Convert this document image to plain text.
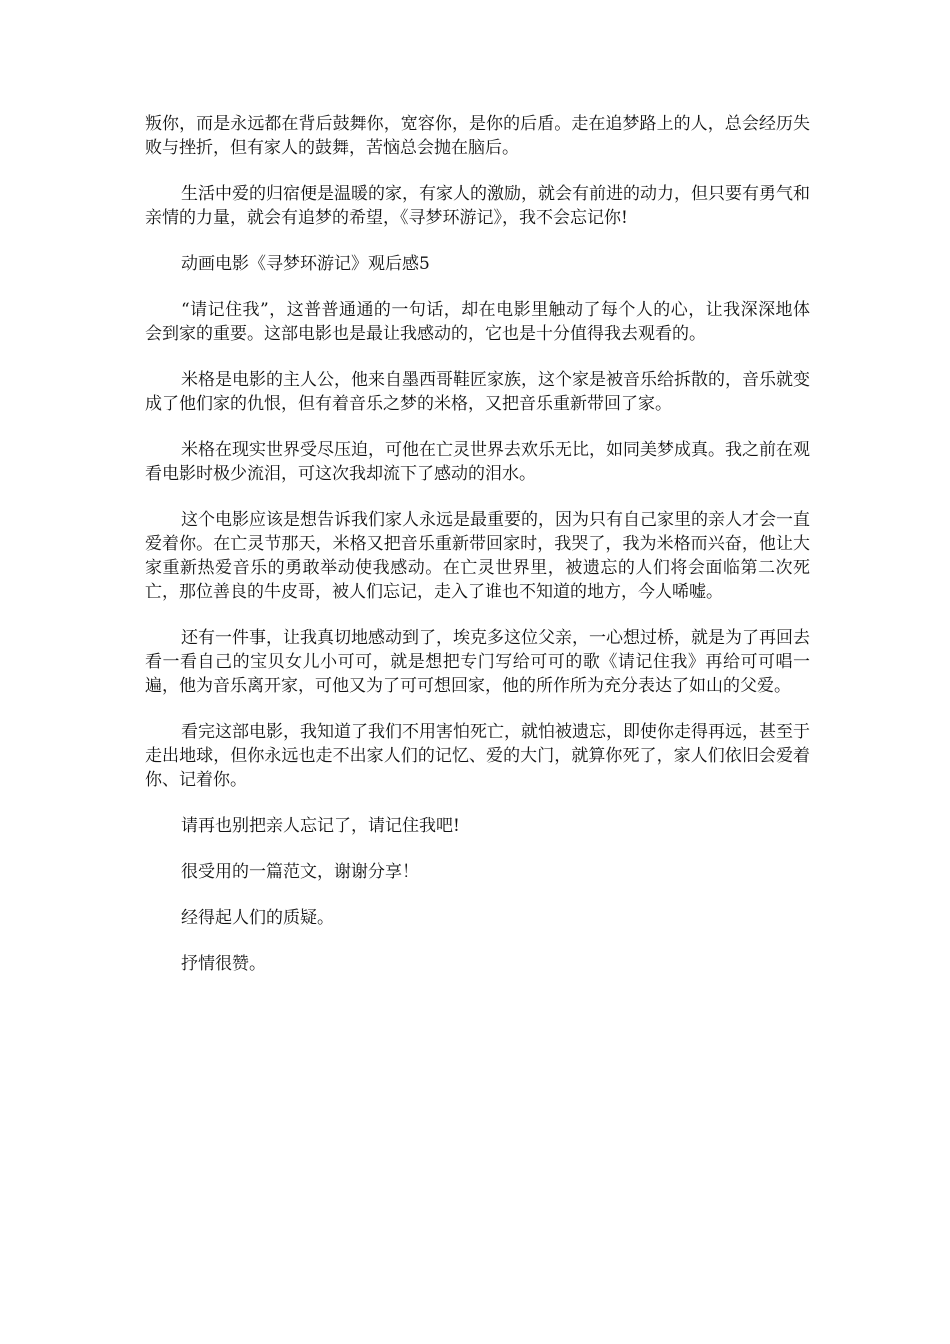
叛你，而是永远都在背后鼓舞你，宽容你，是你的后盾。走在追梦路上的人，总会经历失败与挫折，但有家人的鼓舞，苦恼总会抛在脑后。

生活中爱的归宿便是温暖的家，有家人的激励，就会有前进的动力，但只要有勇气和亲情的力量，就会有追梦的希望，《寻梦环游记》，我不会忘记你!

动画电影《寻梦环游记》观后感5

“请记住我”，这普普通通的一句话，却在电影里触动了每个人的心，让我深深地体会到家的重要。这部电影也是最让我感动的，它也是十分值得我去观看的。

米格是电影的主人公，他来自墨西哥鞋匠家族，这个家是被音乐给拆散的，音乐就变成了他们家的仇恨，但有着音乐之梦的米格，又把音乐重新带回了家。

米格在现实世界受尽压迫，可他在亡灵世界去欢乐无比，如同美梦成真。我之前在观看电影时极少流泪，可这次我却流下了感动的泪水。

这个电影应该是想告诉我们家人永远是最重要的，因为只有自己家里的亲人才会一直爱着你。在亡灵节那天，米格又把音乐重新带回家时，我哭了，我为米格而兴奋，他让大家重新热爱音乐的勇敢举动使我感动。在亡灵世界里，被遗忘的人们将会面临第二次死亡，那位善良的牛皮哥，被人们忘记，走入了谁也不知道的地方，今人唏嘘。

还有一件事，让我真切地感动到了，埃克多这位父亲，一心想过桥，就是为了再回去看一看自己的宝贝女儿小可可，就是想把专门写给可可的歌《请记住我》再给可可唱一遍，他为音乐离开家，可他又为了可可想回家，他的所作所为充分表达了如山的父爱。

看完这部电影，我知道了我们不用害怕死亡，就怕被遗忘，即使你走得再远，甚至于走出地球，但你永远也走不出家人们的记忆、爱的大门，就算你死了，家人们依旧会爱着你、记着你。

请再也别把亲人忘记了，请记住我吧!

很受用的一篇范文，谢谢分享！

经得起人们的质疑。

抒情很赞。
